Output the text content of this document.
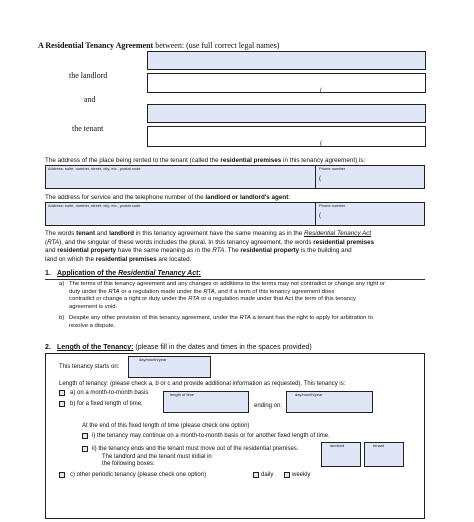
A Residential Tenancy Agreement between: (use full correct legal names)
the landlord
(
and
the tenant
(
The address of the place being rented to the tenant (called the residential premises in this tenancy agreement) is:
Address: suite, number, street, city, etc., postal code	Phone number
(
The address for service and the telephone number of the landlord or landlord's agent:
Address: suite, number, street, city, etc., postal code	Phone number
(
The words tenant and landlord in this tenancy agreement have the same meaning as in the Residential Tenancy Act
(RTA), and the singular of these words includes the plural. In this tenancy agreement, the words residential premises
and residential property have the same meaning as in the RTA. The residential property is the building and
land on which the residential premises are located.
1. Application of the Residential Tenancy Act:
a) The terms of this tenancy agreement and any changes or additions to the terms may not contradict or change any right or
duty under the RTA or a regulation made under the RTA, and if a term of this tenancy agreement does
contradict or change a right or duty under the RTA or a regulation made under that Act the term of this tenancy
agreement is void.
b) Despite any other provision of this tenancy agreement, under the RTA a tenant has the right to apply for arbitration to
resolve a dispute.
2. Length of the Tenancy: (please fill in the dates and times in the spaces provided)
This tenancy starts on:
day/month/year
Length of tenancy: (please check a, b or c and provide additional information as requested). This tenancy is:
a) on a month-to-month basis
b) for a fixed length of time,
length of time
ending on:
day/month/year
At the end of this fixed length of time (please check one option)
i) the tenancy may continue on a month-to-month basis or for another fixed length of time.
ii) the tenancy ends and the tenant must move out of the residential premises.
The landlord and the tenant must initial in
the following boxes:
landlord	tenant
c) other periodic tenancy (please check one option)	daily	weekly
